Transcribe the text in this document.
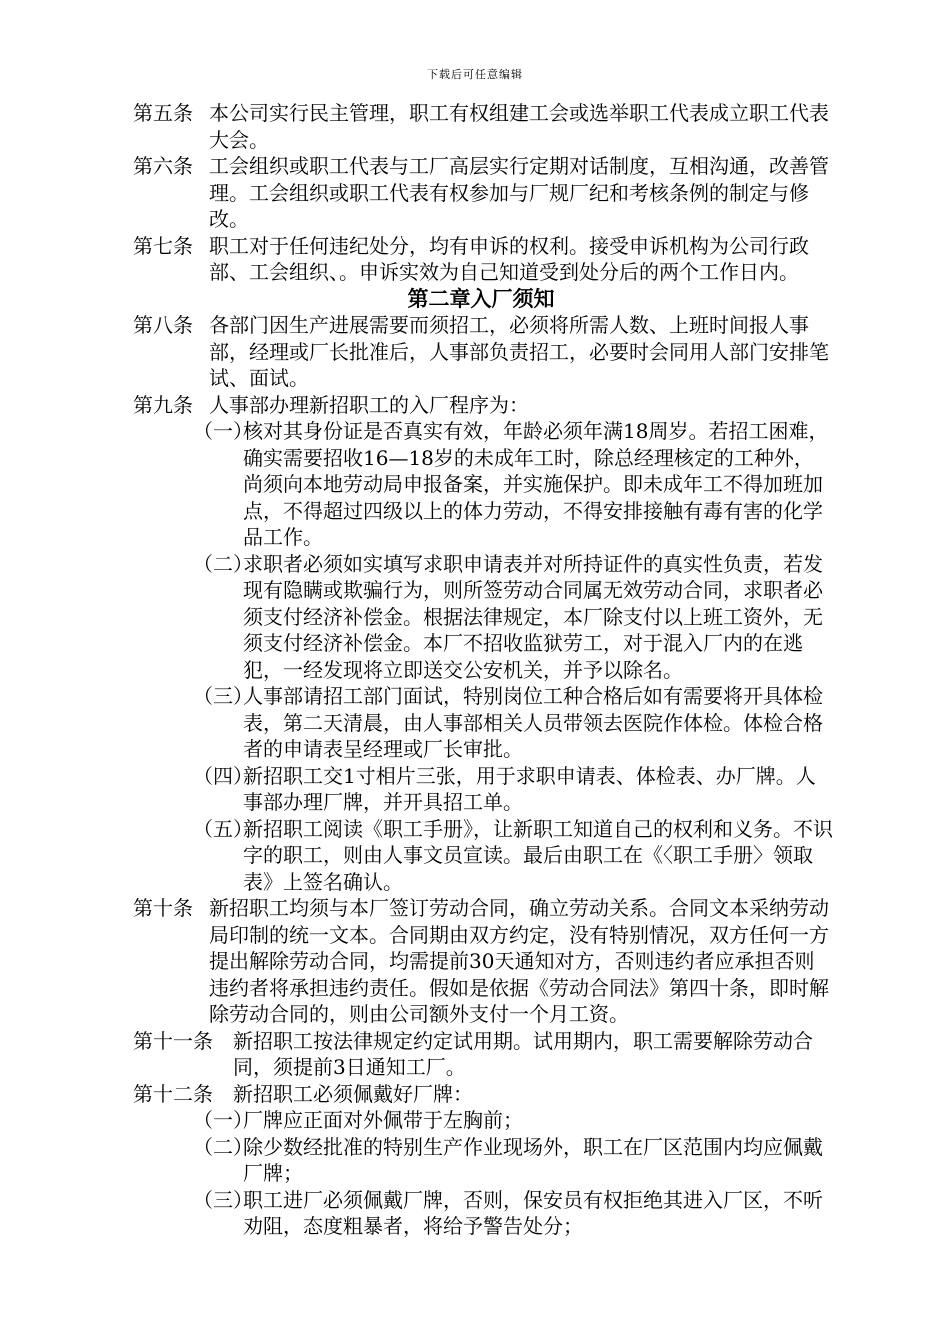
下载后可任意编辑
第五条 本公司实行民主管理，职工有权组建工会或选举职工代表成立职工代表大会。
第六条 工会组织或职工代表与工厂高层实行定期对话制度，互相沟通，改善管理。工会组织或职工代表有权参加与厂规厂纪和考核条例的制定与修改。
第七条 职工对于任何违纪处分，均有申诉的权利。接受申诉机构为公司行政部、工会组织、。申诉实效为自己知道受到处分后的两个工作日内。
第二章入厂须知
第八条 各部门因生产进展需要而须招工，必须将所需人数、上班时间报人事部，经理或厂长批准后，人事部负责招工，必要时会同用人部门安排笔试、面试。
第九条 人事部办理新招职工的入厂程序为：
（一）
核对其身份证是否真实有效，年龄必须年满18周岁。若招工困难，确实需要招收16—18岁的未成年工时，除总经理核定的工种外，尚须向本地劳动局申报备案，并实施保护。即未成年工不得加班加点，不得超过四级以上的体力劳动，不得安排接触有毒有害的化学品工作。
（二）
求职者必须如实填写求职申请表并对所持证件的真实性负责，若发现有隐瞒或欺骗行为，则所签劳动合同属无效劳动合同，求职者必须支付经济补偿金。根据法律规定，本厂除支付以上班工资外，无须支付经济补偿金。本厂不招收监狱劳工，对于混入厂内的在逃犯，一经发现将立即送交公安机关，并予以除名。
（三）
人事部请招工部门面试，特别岗位工种合格后如有需要将开具体检表，第二天清晨，由人事部相关人员带领去医院作体检。体检合格者的申请表呈经理或厂长审批。
（四）
新招职工交1寸相片三张，用于求职申请表、体检表、办厂牌。人事部办理厂牌，并开具招工单。
（五）
新招职工阅读《职工手册》，让新职工知道自己的权利和义务。不识字的职工，则由人事文员宣读。最后由职工在《〈职工手册〉领取表》上签名确认。
第十条 新招职工均须与本厂签订劳动合同，确立劳动关系。合同文本采纳劳动局印制的统一文本。合同期由双方约定，没有特别情况，双方任何一方提出解除劳动合同，均需提前30天通知对方，否则违约者应承担否则违约者将承担违约责任。假如是依据《劳动合同法》第四十条，即时解除劳动合同的，则由公司额外支付一个月工资。
第十一条 新招职工按法律规定约定试用期。试用期内，职工需要解除劳动合同，须提前3日通知工厂。
第十二条 新招职工必须佩戴好厂牌：
（一）
厂牌应正面对外佩带于左胸前；
（二）
除少数经批准的特别生产作业现场外，职工在厂区范围内均应佩戴厂牌；
（三）
职工进厂必须佩戴厂牌，否则，保安员有权拒绝其进入厂区，不听劝阻，态度粗暴者，将给予警告处分；
